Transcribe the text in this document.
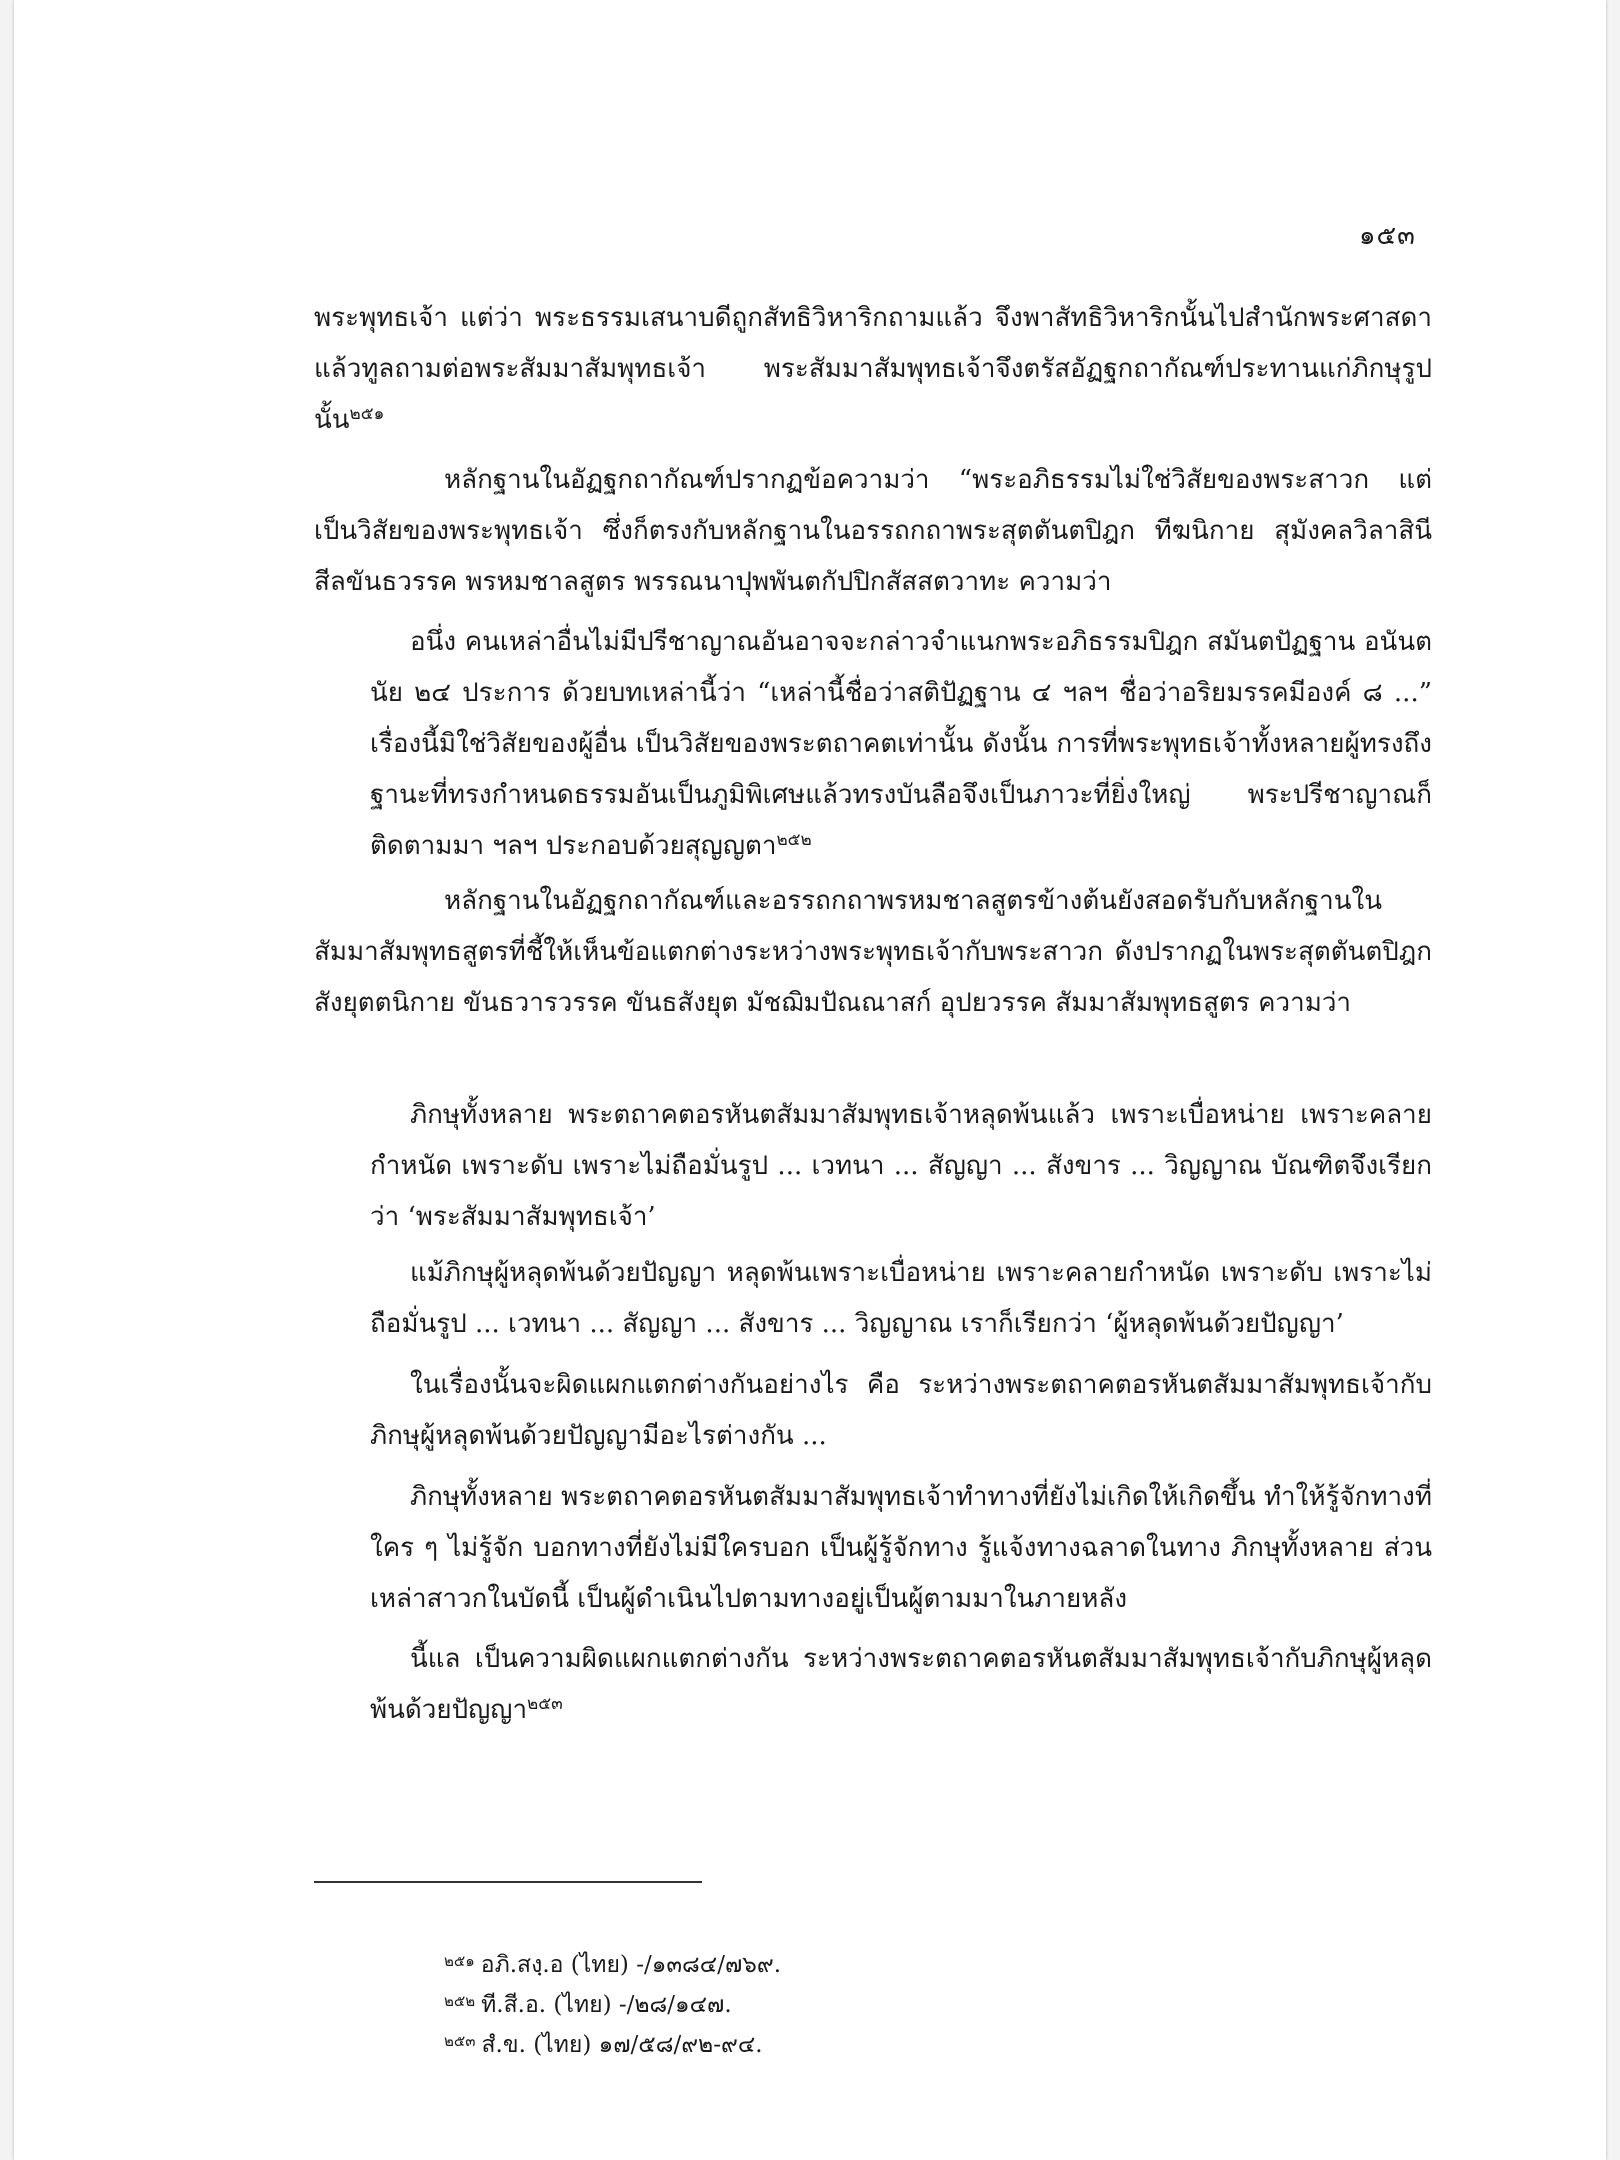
๑๕๓

พระพุทธเจ้า แต่ว่า พระธรรมเสนาบดีถูกสัทธิวิหาริกถามแล้ว จึงพาสัทธิวิหาริกนั้นไปสำนักพระศาสดา แล้วทูลถามต่อพระสัมมาสัมพุทธเจ้า พระสัมมาสัมพุทธเจ้าจึงตรัสอัฏฐกถากัณฑ์ประทานแก่ภิกษุรูปนั้น$^{๒๕๑}$

หลักฐานในอัฏฐกถากัณฑ์ปรากฏข้อความว่า “พระอภิธรรมไม่ใช่วิสัยของพระสาวก แต่เป็นวิสัยของพระพุทธเจ้า ซึ่งก็ตรงกับหลักฐานในอรรถกถาพระสุตตันตปิฎก ทีฆนิกาย สุมังคลวิลาสินี สีลขันธวรรค พรหมชาลสูตร พรรณนาปุพพันตกัปปิกสัสสตวาทะ ความว่า

อนึ่ง คนเหล่าอื่นไม่มีปรีชาญาณอันอาจจะกล่าวจำแนกพระอภิธรรมปิฎก สมันตปัฏฐาน อนันตนัย ๒๔ ประการ ด้วยบทเหล่านี้ว่า “เหล่านี้ชื่อว่าสติปัฏฐาน ๔ ฯลฯ ชื่อว่าอริยมรรคมีองค์ ๘ ...” เรื่องนี้มิใช่วิสัยของผู้อื่น เป็นวิสัยของพระตถาคตเท่านั้น ดังนั้น การที่พระพุทธเจ้าทั้งหลายผู้ทรงถึงฐานะที่ทรงกำหนดธรรมอันเป็นภูมิพิเศษแล้วทรงบันลือจึงเป็นภาวะที่ยิ่งใหญ่ พระปรีชาญาณก็ติดตามมา ฯลฯ ประกอบด้วยสุญญตา$^{๒๕๒}$

หลักฐานในอัฏฐกถากัณฑ์และอรรถกถาพรหมชาลสูตรข้างต้นยังสอดรับกับหลักฐานในสัมมาสัมพุทธสูตรที่ชี้ให้เห็นข้อแตกต่างระหว่างพระพุทธเจ้ากับพระสาวก ดังปรากฏในพระสุตตันตปิฎก สังยุตตนิกาย ขันธวารวรรค ขันธสังยุต มัชฌิมปัณณาสก์ อุปยวรรค สัมมาสัมพุทธสูตร ความว่า

ภิกษุทั้งหลาย พระตถาคตอรหันตสัมมาสัมพุทธเจ้าหลุดพ้นแล้ว เพราะเบื่อหน่าย เพราะคลายกำหนัด เพราะดับ เพราะไม่ถือมั่นรูป ... เวทนา ... สัญญา ... สังขาร ... วิญญาณ บัณฑิตจึงเรียกว่า ‘พระสัมมาสัมพุทธเจ้า’

แม้ภิกษุผู้หลุดพ้นด้วยปัญญา หลุดพ้นเพราะเบื่อหน่าย เพราะคลายกำหนัด เพราะดับ เพราะไม่ถือมั่นรูป ... เวทนา ... สัญญา ... สังขาร ... วิญญาณ เราก็เรียกว่า ‘ผู้หลุดพ้นด้วยปัญญา’

ในเรื่องนั้นจะผิดแผกแตกต่างกันอย่างไร คือ ระหว่างพระตถาคตอรหันตสัมมาสัมพุทธเจ้ากับภิกษุผู้หลุดพ้นด้วยปัญญามีอะไรต่างกัน ...

ภิกษุทั้งหลาย พระตถาคตอรหันตสัมมาสัมพุทธเจ้าทำทางที่ยังไม่เกิดให้เกิดขึ้น ทำให้รู้จักทางที่ใคร ๆ ไม่รู้จัก บอกทางที่ยังไม่มีใครบอก เป็นผู้รู้จักทาง รู้แจ้งทางฉลาดในทาง ภิกษุทั้งหลาย ส่วนเหล่าสาวกในบัดนี้ เป็นผู้ดำเนินไปตามทางอยู่เป็นผู้ตามมาในภายหลัง

นี้แล เป็นความผิดแผกแตกต่างกัน ระหว่างพระตถาคตอรหันตสัมมาสัมพุทธเจ้ากับภิกษุผู้หลุดพ้นด้วยปัญญา$^{๒๕๓}$

$^{๒๕๑}$ อภิ.สงฺ.อ (ไทย) -/๑๓๘๔/๗๖๙.
$^{๒๕๒}$ ที.สี.อ. (ไทย) -/๒๘/๑๔๗.
$^{๒๕๓}$ สํ.ข. (ไทย) ๑๗/๕๘/๙๒-๙๔.
